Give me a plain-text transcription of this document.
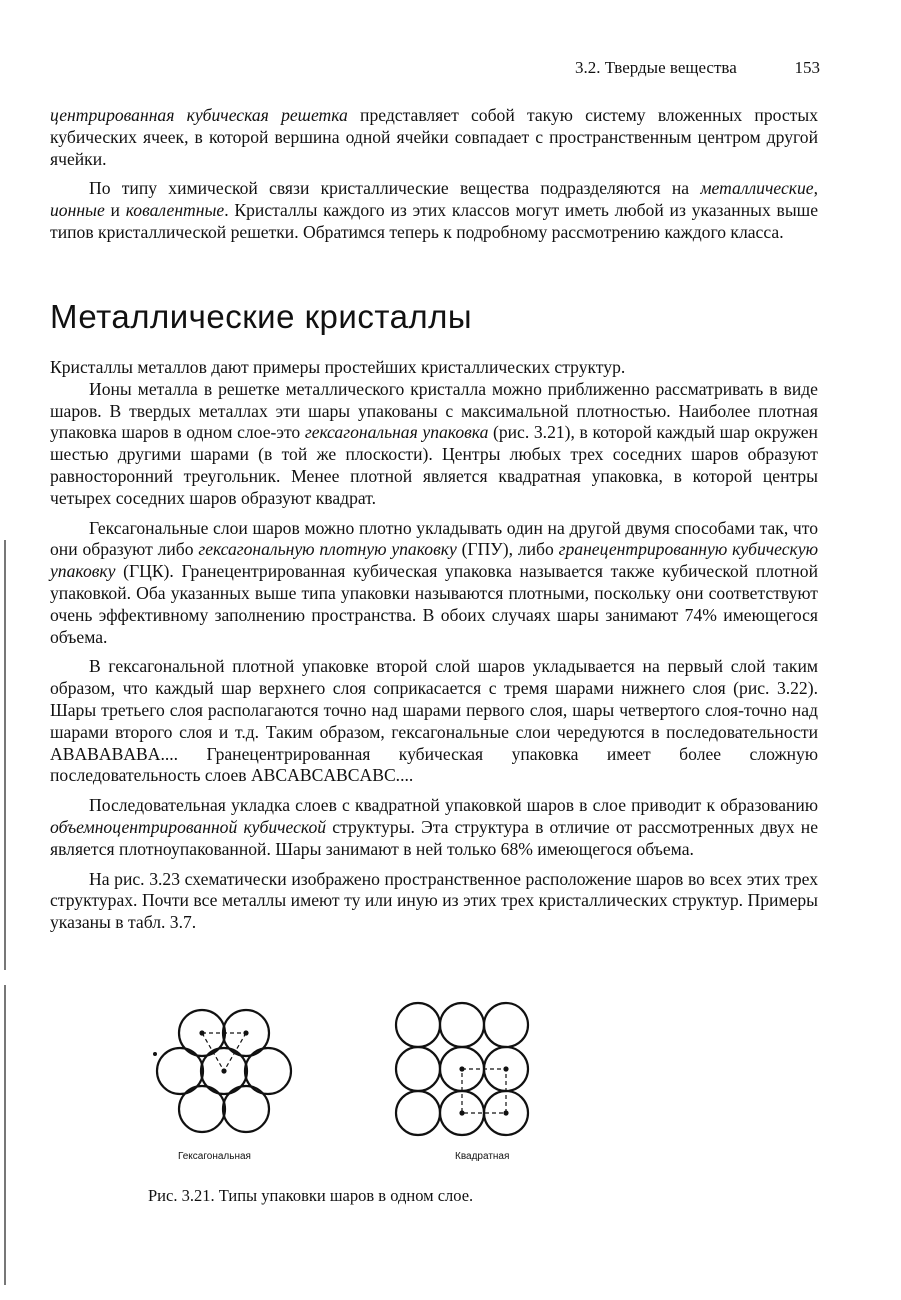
3.2. Твердые вещества	153

центрированная кубическая решетка представляет собой такую систему вложенных простых кубических ячеек, в которой вершина одной ячейки совпадает с пространственным центром другой ячейки.

По типу химической связи кристаллические вещества подразделяются на металлические, ионные и ковалентные. Кристаллы каждого из этих классов могут иметь любой из указанных выше типов кристаллической решетки. Обратимся теперь к подробному рассмотрению каждого класса.

Металлические кристаллы

Кристаллы металлов дают примеры простейших кристаллических структур.

Ионы металла в решетке металлического кристалла можно приближенно рассматривать в виде шаров. В твердых металлах эти шары упакованы с максимальной плотностью. Наиболее плотная упаковка шаров в одном слое-это гексагональная упаковка (рис. 3.21), в которой каждый шар окружен шестью другими шарами (в той же плоскости). Центры любых трех соседних шаров образуют равносторонний треугольник. Менее плотной является квадратная упаковка, в которой центры четырех соседних шаров образуют квадрат.

Гексагональные слои шаров можно плотно укладывать один на другой двумя способами так, что они образуют либо гексагональную плотную упаковку (ГПУ), либо гранецентрированную кубическую упаковку (ГЦК). Гранецентрированная кубическая упаковка называется также кубической плотной упаковкой. Оба указанных выше типа упаковки называются плотными, поскольку они соответствуют очень эффективному заполнению пространства. В обоих случаях шары занимают 74% имеющегося объема.

В гексагональной плотной упаковке второй слой шаров укладывается на первый слой таким образом, что каждый шар верхнего слоя соприкасается с тремя шарами нижнего слоя (рис. 3.22). Шары третьего слоя располагаются точно над шарами первого слоя, шары четвертого слоя-точно над шарами второго слоя и т.д. Таким образом, гексагональные слои чередуются в последовательности ABABABABA.... Гранецентрированная кубическая упаковка имеет более сложную последовательность слоев ABCABCABCABC....

Последовательная укладка слоев с квадратной упаковкой шаров в слое приводит к образованию объемноцентрированной кубической структуры. Эта структура в отличие от рассмотренных двух не является плотноупакованной. Шары занимают в ней только 68% имеющегося объема.

На рис. 3.23 схематически изображено пространственное расположение шаров во всех этих трех структурах. Почти все металлы имеют ту или иную из этих трех кристаллических структур. Примеры указаны в табл. 3.7.

Гексагональная	Квадратная
Рис. 3.21. Типы упаковки шаров в одном слое.
